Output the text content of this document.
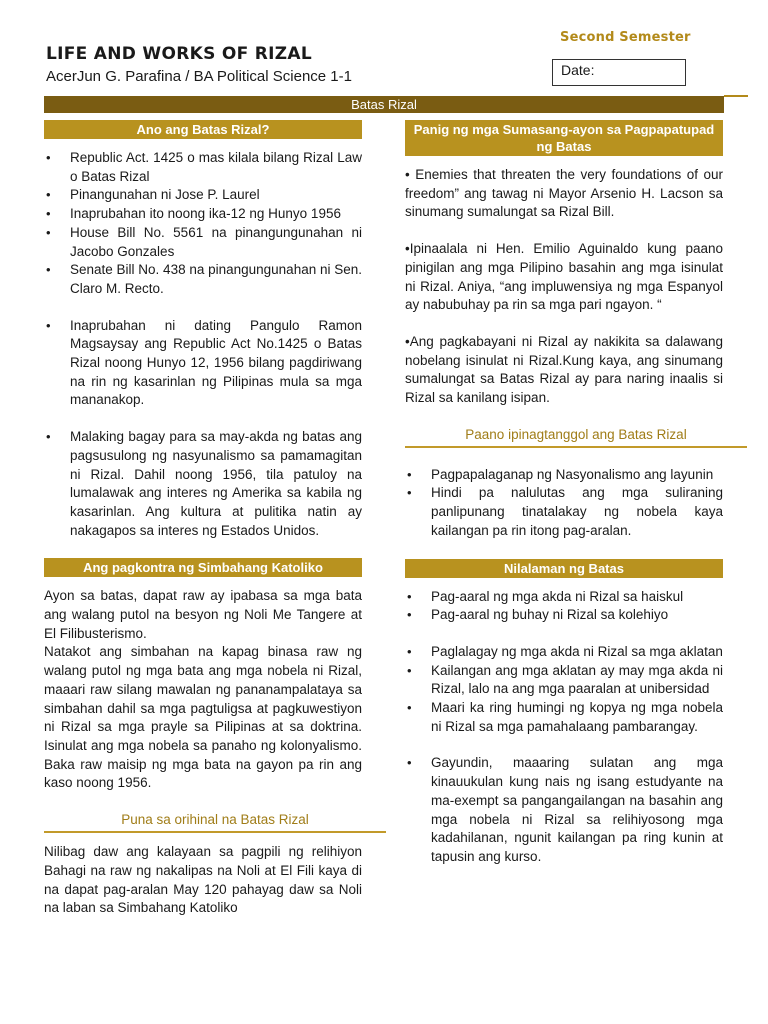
Second Semester
LIFE AND WORKS OF RIZAL
AcerJun G. Parafina / BA Political Science 1-1	Date:
Batas Rizal
Ano ang Batas Rizal?
• Republic Act. 1425 o mas kilala bilang Rizal Law o Batas Rizal
• Pinangunahan ni Jose P. Laurel
• Inaprubahan ito noong ika-12 ng Hunyo 1956
• House Bill No. 5561 na pinangungunahan ni Jacobo Gonzales
• Senate Bill No. 438 na pinangungunahan ni Sen. Claro M. Recto.
• Inaprubahan ni dating Pangulo Ramon Magsaysay ang Republic Act No.1425 o Batas Rizal noong Hunyo 12, 1956 bilang pagdiriwang na rin ng kasarinlan ng Pilipinas mula sa mga mananakop.
• Malaking bagay para sa may-akda ng batas ang pagsusulong ng nasyunalismo sa pamamagitan ni Rizal. Dahil noong 1956, tila patuloy na lumalawak ang interes ng Amerika sa kabila ng kasarinlan. Ang kultura at pulitika natin ay nakagapos sa interes ng Estados Unidos.
Ang pagkontra ng Simbahang Katoliko

Ayon sa batas, dapat raw ay ipabasa sa mga bata ang walang putol na besyon ng Noli Me Tangere at El Filibusterismo.

Natakot ang simbahan na kapag binasa raw ng walang putol ng mga bata ang mga nobela ni Rizal, maaari raw silang mawalan ng pananampalataya sa simbahan dahil sa mga pagtuligsa at pagkuwestiyon ni Rizal sa mga prayle sa Pilipinas at sa doktrina. Isinulat ang mga nobela sa panaho ng kolonyalismo. Baka raw maisip ng mga bata na gayon pa rin ang kaso noong 1956.

Puna sa orihinal na Batas Rizal

Nilibag daw ang kalayaan sa pagpili ng relihiyon Bahagi na raw ng nakalipas na Noli at El Fili kaya di na dapat pag-aralan May 120 pahayag daw sa Noli na laban sa Simbahang Katoliko

Panig ng mga Sumasang-ayon sa Pagpapatupad ng Batas

• Enemies that threaten the very foundations of our freedom” ang tawag ni Mayor Arsenio H. Lacson sa sinumang sumalungat sa Rizal Bill.

•Ipinaalala ni Hen. Emilio Aguinaldo kung paano pinigilan ang mga Pilipino basahin ang mga isinulat ni Rizal. Aniya, “ang impluwensiya ng mga Espanyol ay nabubuhay pa rin sa mga pari ngayon. “

•Ang pagkabayani ni Rizal ay nakikita sa dalawang nobelang isinulat ni Rizal.Kung kaya, ang sinumang sumalungat sa Batas Rizal ay para naring inaalis si Rizal sa kanilang isipan.

Paano ipinagtanggol ang Batas Rizal
• Pagpapalaganap ng Nasyonalismo ang layunin
• Hindi pa nalulutas ang mga suliraning panlipunang tinatalakay ng nobela kaya kailangan pa rin itong pag-aralan.
Nilalaman ng Batas
• Pag-aaral ng mga akda ni Rizal sa haiskul
• Pag-aaral ng buhay ni Rizal sa kolehiyo
• Paglalagay ng mga akda ni Rizal sa mga aklatan
• Kailangan ang mga aklatan ay may mga akda ni Rizal, lalo na ang mga paaralan at unibersidad
• Maari ka ring humingi ng kopya ng mga nobela ni Rizal sa mga pamahalaang pambarangay.
• Gayundin, maaaring sulatan ang mga kinauukulan kung nais ng isang estudyante na ma-exempt sa pangangailangan na basahin ang mga nobela ni Rizal sa relihiyosong mga kadahilanan, ngunit kailangan pa ring kunin at tapusin ang kurso.
